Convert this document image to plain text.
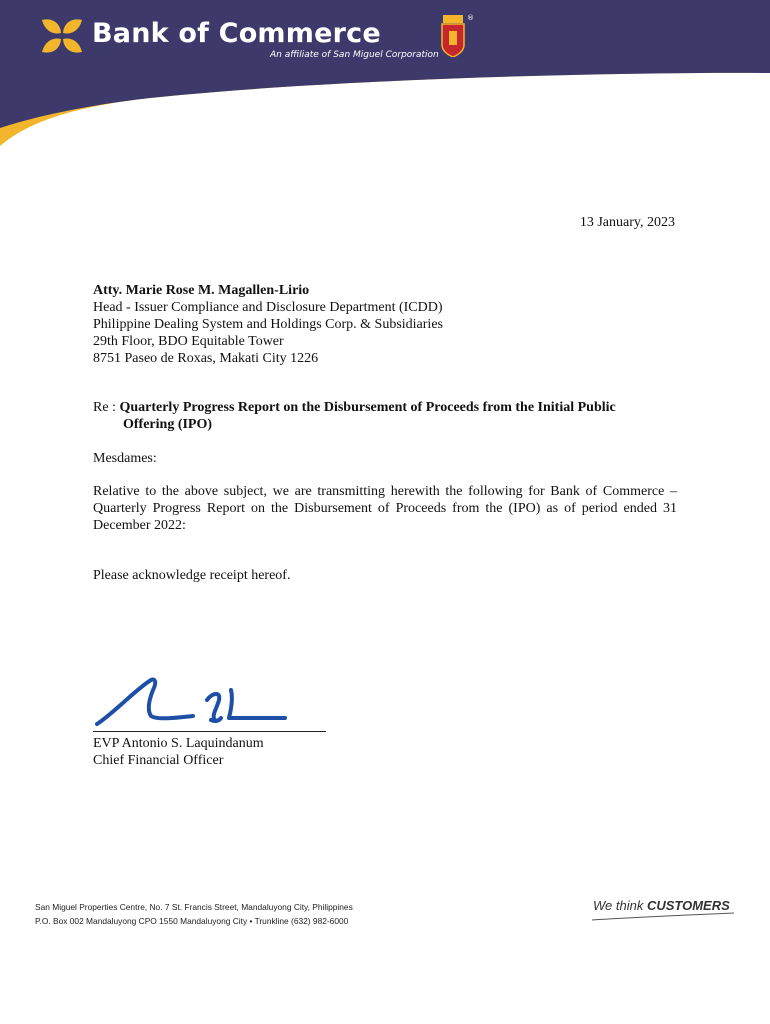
Bank of Commerce
An affiliate of San Miguel Corporation
®
13 January, 2023
Atty. Marie Rose M. Magallen-Lirio
Head - Issuer Compliance and Disclosure Department (ICDD)
Philippine Dealing System and Holdings Corp. & Subsidiaries
29th Floor, BDO Equitable Tower
8751 Paseo de Roxas, Makati City 1226
Re : Quarterly Progress Report on the Disbursement of Proceeds from the Initial Public
Offering (IPO)
Mesdames:
Relative to the above subject, we are transmitting herewith the following for Bank of Commerce – Quarterly Progress Report on the Disbursement of Proceeds from the (IPO) as of period ended 31 December 2022:
Please acknowledge receipt hereof.
EVP Antonio S. Laquindanum
Chief Financial Officer
San Miguel Properties Centre, No. 7 St. Francis Street, Mandaluyong City, Philippines
P.O. Box 002 Mandaluyong CPO 1550 Mandaluyong City • Trunkline (632) 982-6000
We think CUSTOMERS
